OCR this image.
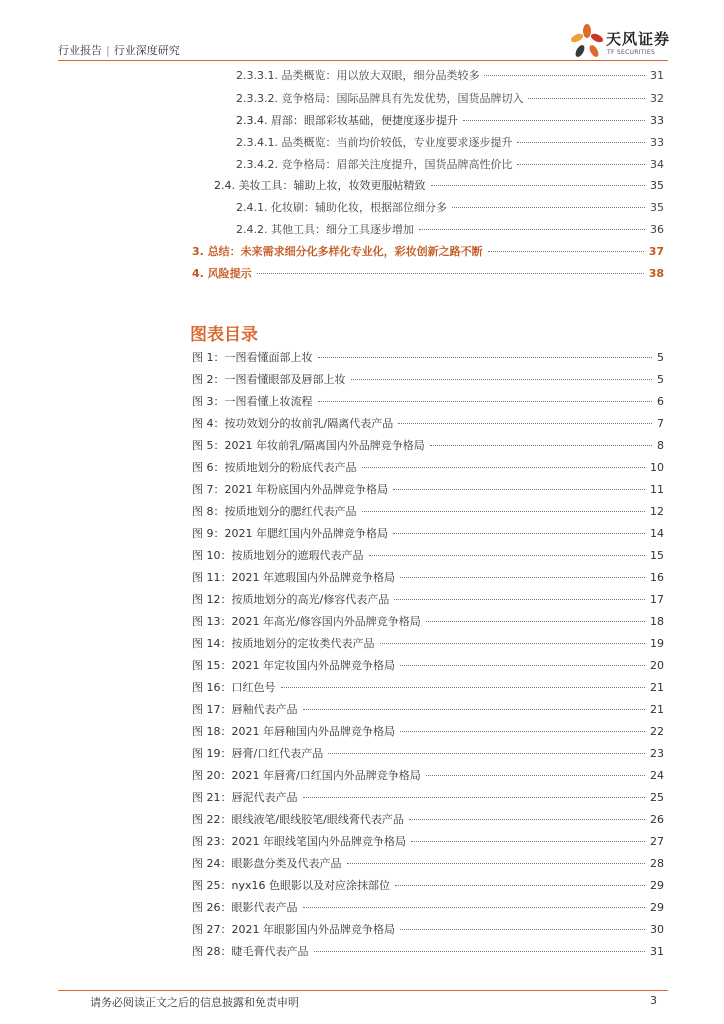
行业报告 | 行业深度研究
天风证券
TF SECURITIES
2.3.3.1. 品类概览：用以放大双眼，细分品类较多	31
2.3.3.2. 竞争格局：国际品牌具有先发优势，国货品牌切入	32
2.3.4. 眉部：眼部彩妆基础，便捷度逐步提升	33
2.3.4.1. 品类概览：当前均价较低，专业度要求逐步提升	33
2.3.4.2. 竞争格局：眉部关注度提升，国货品牌高性价比	34
2.4. 美妆工具：辅助上妆，妆效更服帖精致	35
2.4.1. 化妆刷：辅助化妆，根据部位细分多	35
2.4.2. 其他工具：细分工具逐步增加	36
3. 总结：未来需求细分化多样化专业化，彩妆创新之路不断	37
4. 风险提示	38
图表目录
图 1：一图看懂面部上妆	5
图 2：一图看懂眼部及唇部上妆	5
图 3：一图看懂上妆流程	6
图 4：按功效划分的妆前乳/隔离代表产品	7
图 5：2021 年妆前乳/隔离国内外品牌竞争格局	8
图 6：按质地划分的粉底代表产品	10
图 7：2021 年粉底国内外品牌竞争格局	11
图 8：按质地划分的腮红代表产品	12
图 9：2021 年腮红国内外品牌竞争格局	14
图 10：按质地划分的遮瑕代表产品	15
图 11：2021 年遮瑕国内外品牌竞争格局	16
图 12：按质地划分的高光/修容代表产品	17
图 13：2021 年高光/修容国内外品牌竞争格局	18
图 14：按质地划分的定妆类代表产品	19
图 15：2021 年定妆国内外品牌竞争格局	20
图 16：口红色号	21
图 17：唇釉代表产品	21
图 18：2021 年唇釉国内外品牌竞争格局	22
图 19：唇膏/口红代表产品	23
图 20：2021 年唇膏/口红国内外品牌竞争格局	24
图 21：唇泥代表产品	25
图 22：眼线液笔/眼线胶笔/眼线膏代表产品	26
图 23：2021 年眼线笔国内外品牌竞争格局	27
图 24：眼影盘分类及代表产品	28
图 25：nyx16 色眼影以及对应涂抹部位	29
图 26：眼影代表产品	29
图 27：2021 年眼影国内外品牌竞争格局	30
图 28：睫毛膏代表产品	31
请务必阅读正文之后的信息披露和免责申明	3
